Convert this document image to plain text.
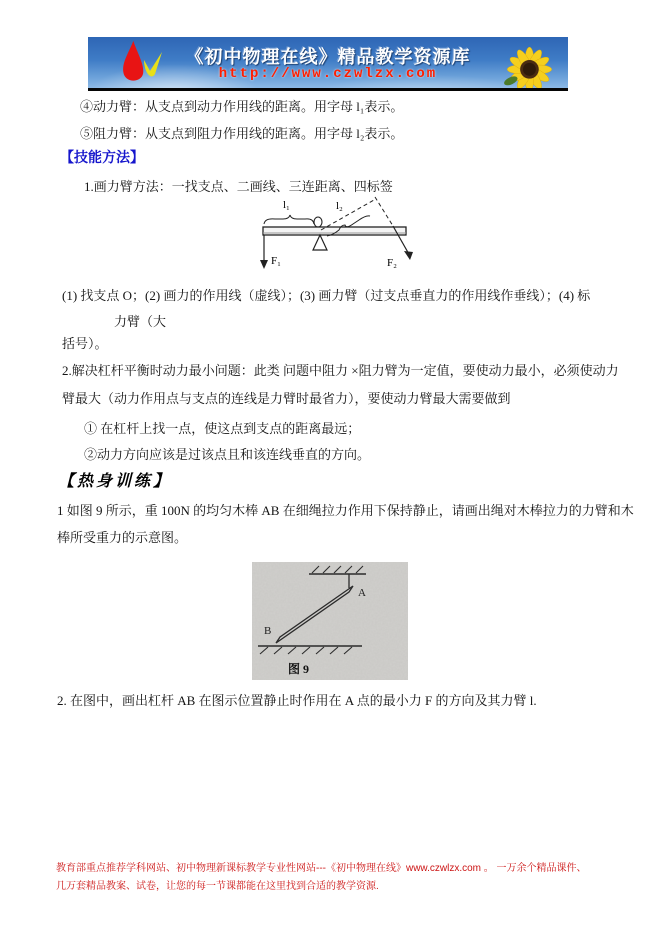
《初中物理在线》精品教学资源库
http://www.czwlzx.com
④动力臂：从支点到动力作用线的距离。用字母 l₁表示。
⑤阻力臂：从支点到阻力作用线的距离。用字母 l₂表示。
【技能方法】
1.画力臂方法：一找支点、二画线、三连距离、四标签
l₁	l₂
F₂
F₁
(1) 找支点 O；(2) 画力的作用线（虚线）；(3) 画力臂（过支点垂直力的作用线作垂线）；(4) 标
力臂（大
括号）。
2.解决杠杆平衡时动力最小问题：此类 问题中阻力 ×阻力臂为一定值，要使动力最小，必须使动力
臂最大（动力作用点与支点的连线是力臂时最省力），要使动力臂最大需要做到
① 在杠杆上找一点，使这点到支点的距离最远；
②动力方向应该是过该点且和该连线垂直的方向。
【热身训练】
1 如图 9 所示，重 100N 的均匀木棒 AB 在细绳拉力作用下保持静止，请画出绳对木棒拉力的力臂和木
棒所受重力的示意图。
A
B
图 9
2. 在图中，画出杠杆 AB 在图示位置静止时作用在 A 点的最小力 F 的方向及其力臂 l.
教育部重点推荐学科网站、初中物理新课标教学专业性网站---《初中物理在线》www.czwlzx.com 。 一万余个精品课件、
几万套精品教案、试卷，让您的每一节课都能在这里找到合适的教学资源.
